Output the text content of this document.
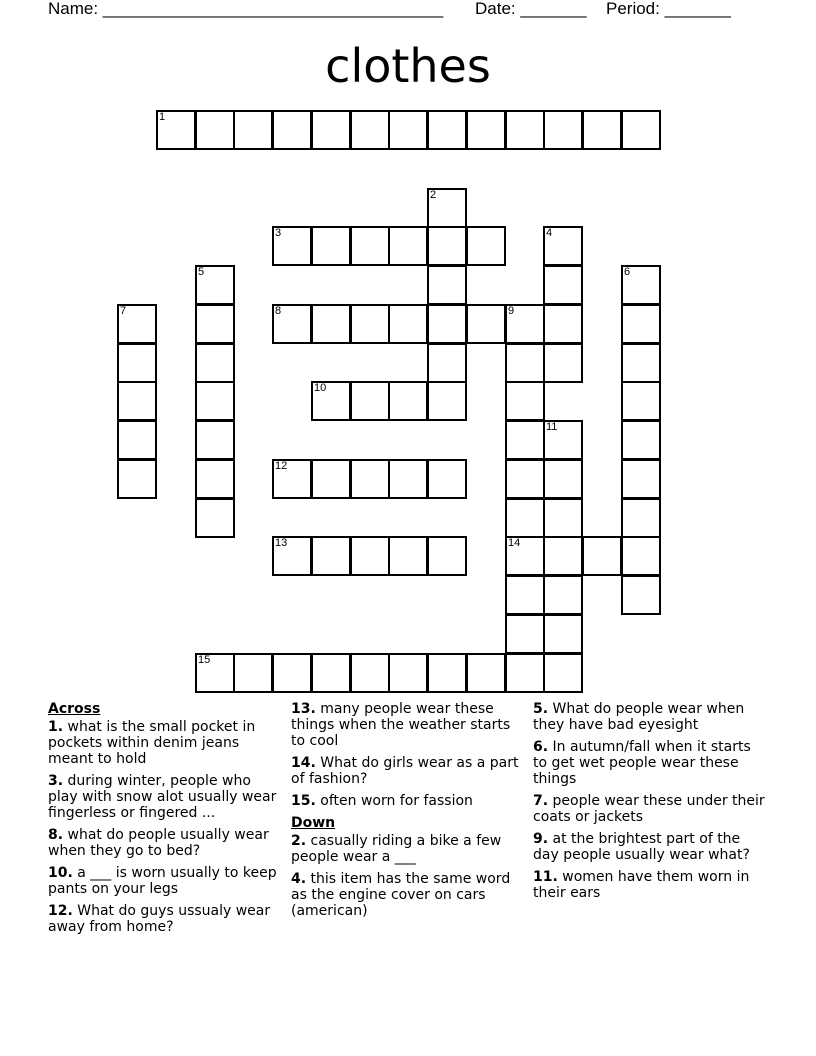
Name: ____________________________________ Date: _______ Period: _______
clothes
1
2
3	4
5	6
7	8	9
10
11
12
13	14
15
Across
1. what is the small pocket in pockets within denim jeans meant to hold
3. during winter, people who play with snow alot usually wear fingerless or fingered ...
8. what do people usually wear when they go to bed?
10. a ___ is worn usually to keep pants on your legs
12. What do guys ussualy wear away from home?
13. many people wear these things when the weather starts to cool
14. What do girls wear as a part of fashion?
15. often worn for fassion
Down
2. casually riding a bike a few people wear a ___
4. this item has the same word as the engine cover on cars (american)
5. What do people wear when they have bad eyesight
6. In autumn/fall when it starts to get wet people wear these things
7. people wear these under their coats or jackets
9. at the brightest part of the day people usually wear what?
11. women have them worn in their ears
